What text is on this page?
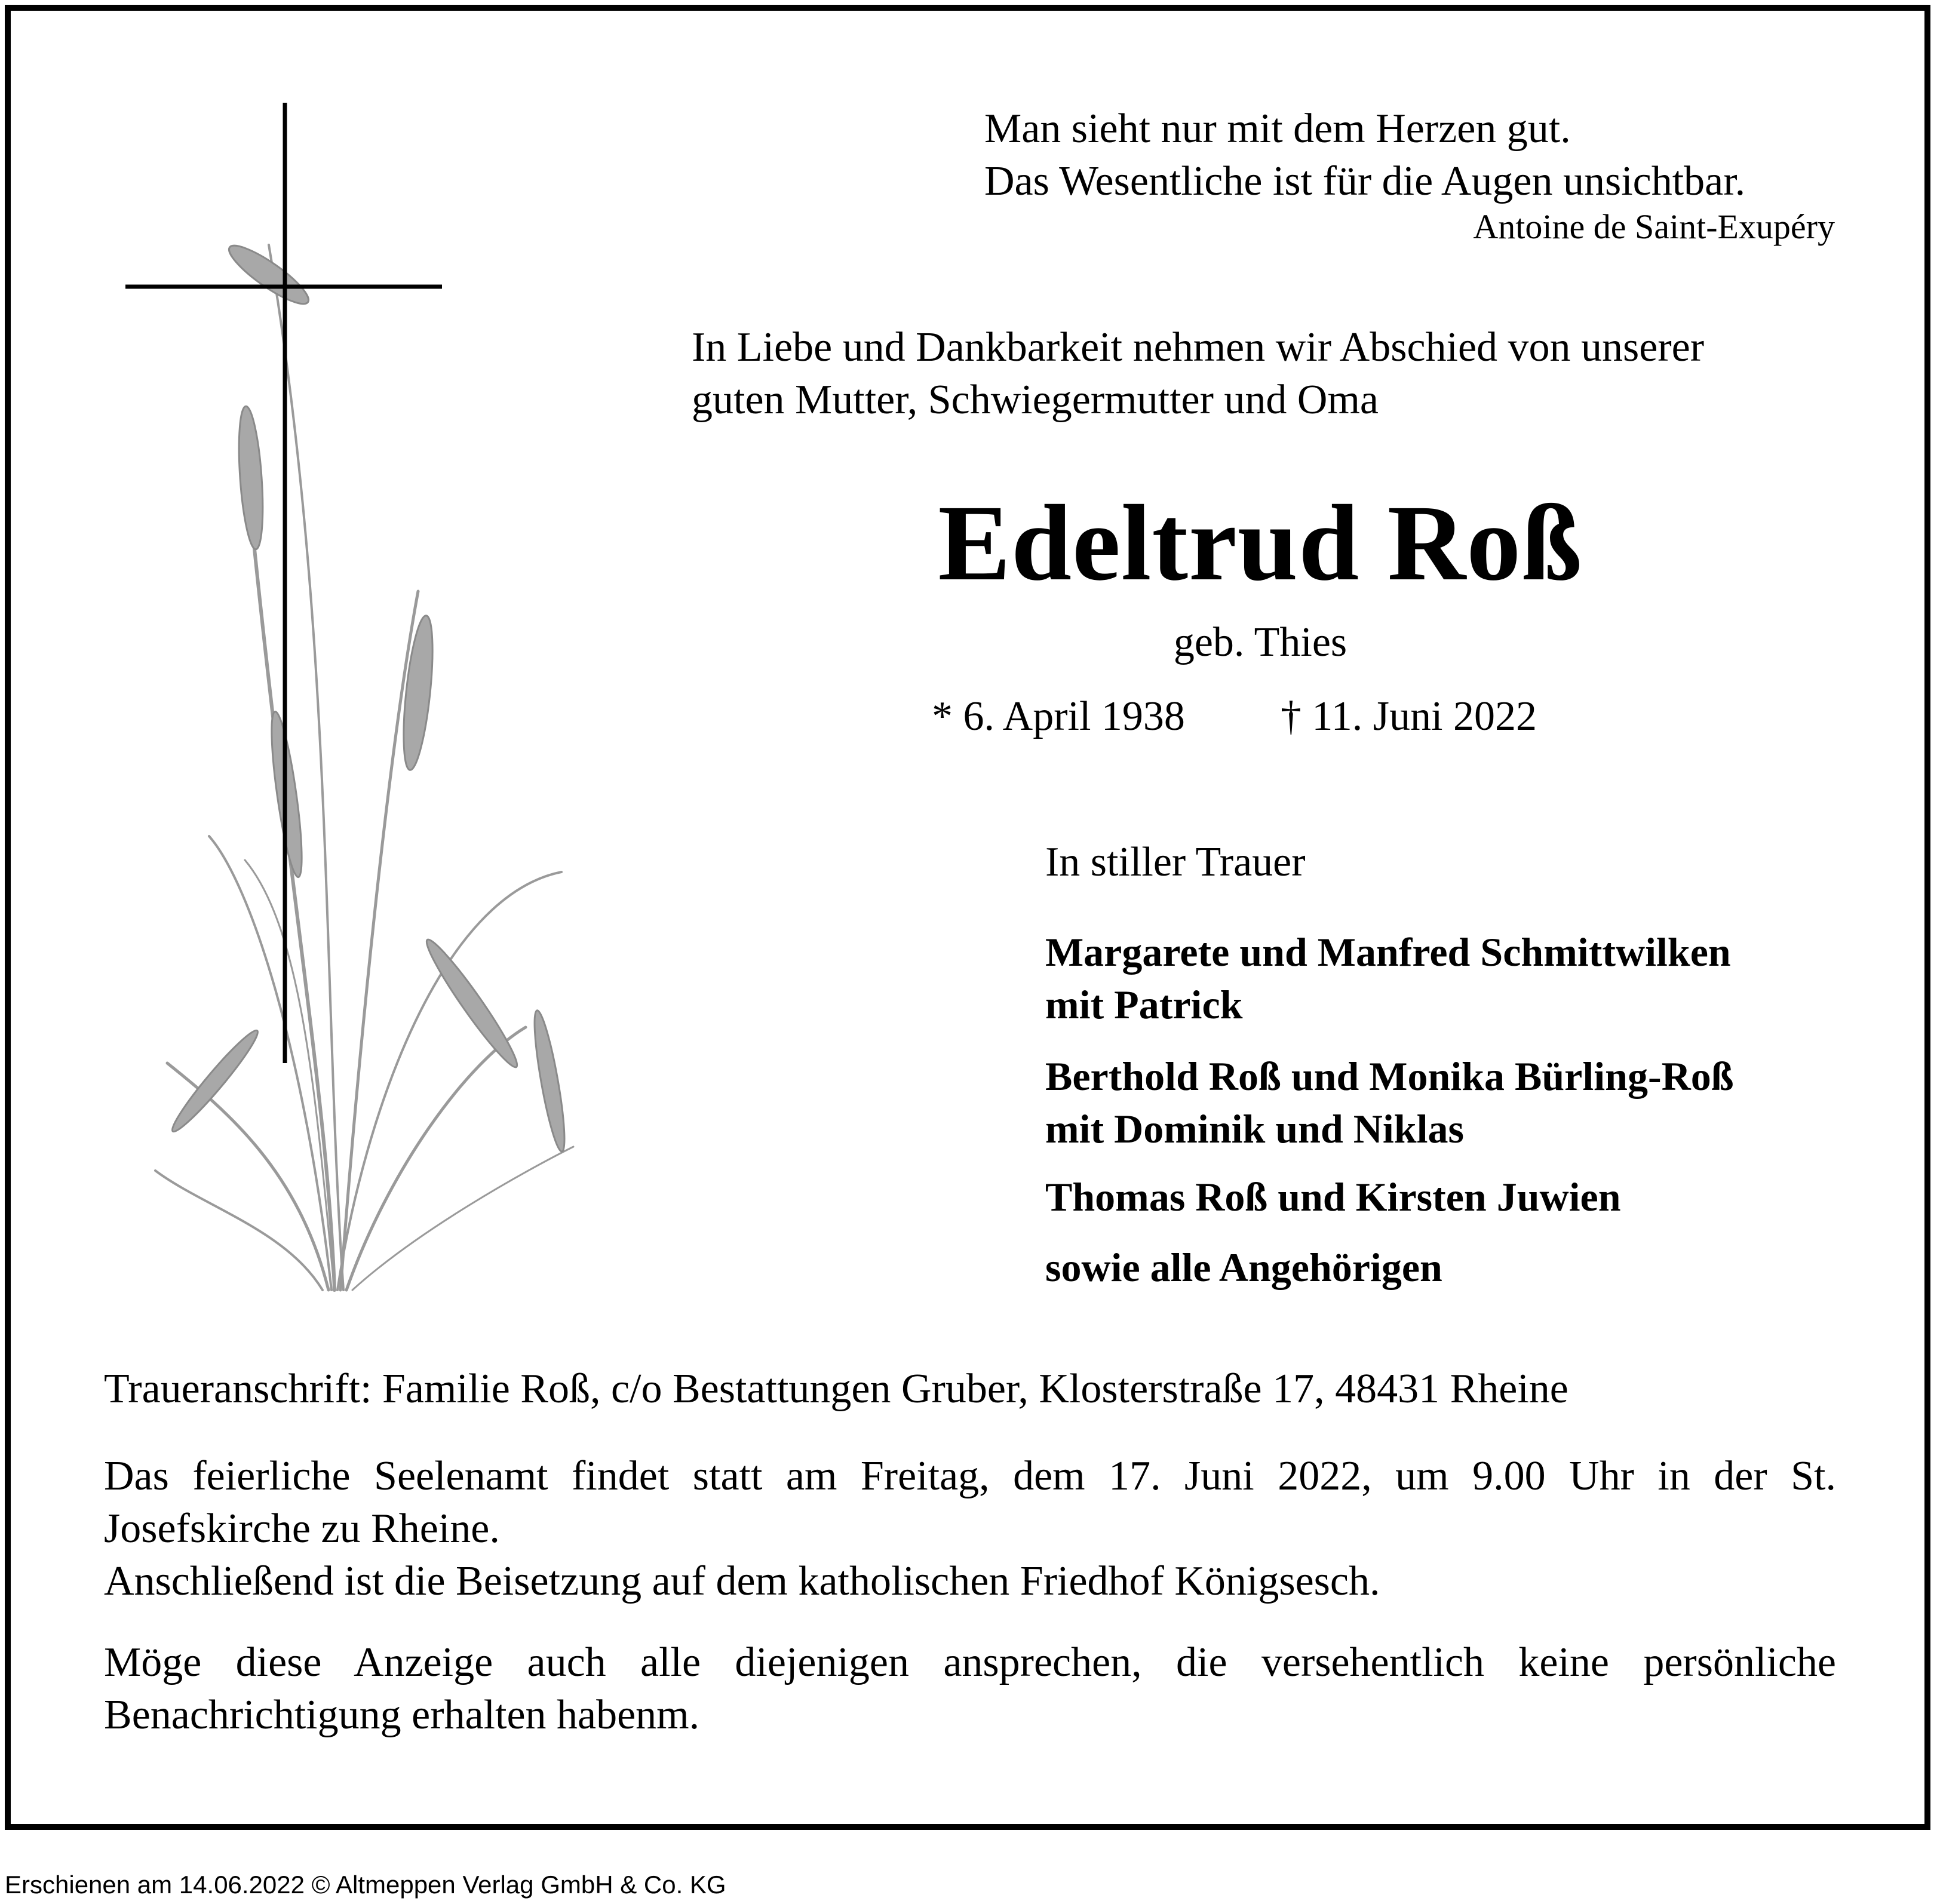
Man sieht nur mit dem Herzen gut.
Das Wesentliche ist für die Augen unsichtbar.

Antoine de Saint-Exupéry

In Liebe und Dankbarkeit nehmen wir Abschied von unserer
guten Mutter, Schwiegermutter und Oma

Edeltrud Roß

geb. Thies

* 6. April 1938 † 11. Juni 2022

In stiller Trauer

Margarete und Manfred Schmittwilken
mit Patrick

Berthold Roß und Monika Bürling-Roß
mit Dominik und Niklas

Thomas Roß und Kirsten Juwien

sowie alle Angehörigen

Traueranschrift: Familie Roß, c/o Bestattungen Gruber, Klosterstraße 17, 48431 Rheine

Das feierliche Seelenamt findet statt am Freitag, dem 17. Juni 2022, um 9.00 Uhr in der St. Josefskirche zu Rheine.

Anschließend ist die Beisetzung auf dem katholischen Friedhof Königsesch.

Möge diese Anzeige auch alle diejenigen ansprechen, die versehentlich keine persönliche Benachrichtigung erhalten habenm.

Erschienen am 14.06.2022 © Altmeppen Verlag GmbH & Co. KG
